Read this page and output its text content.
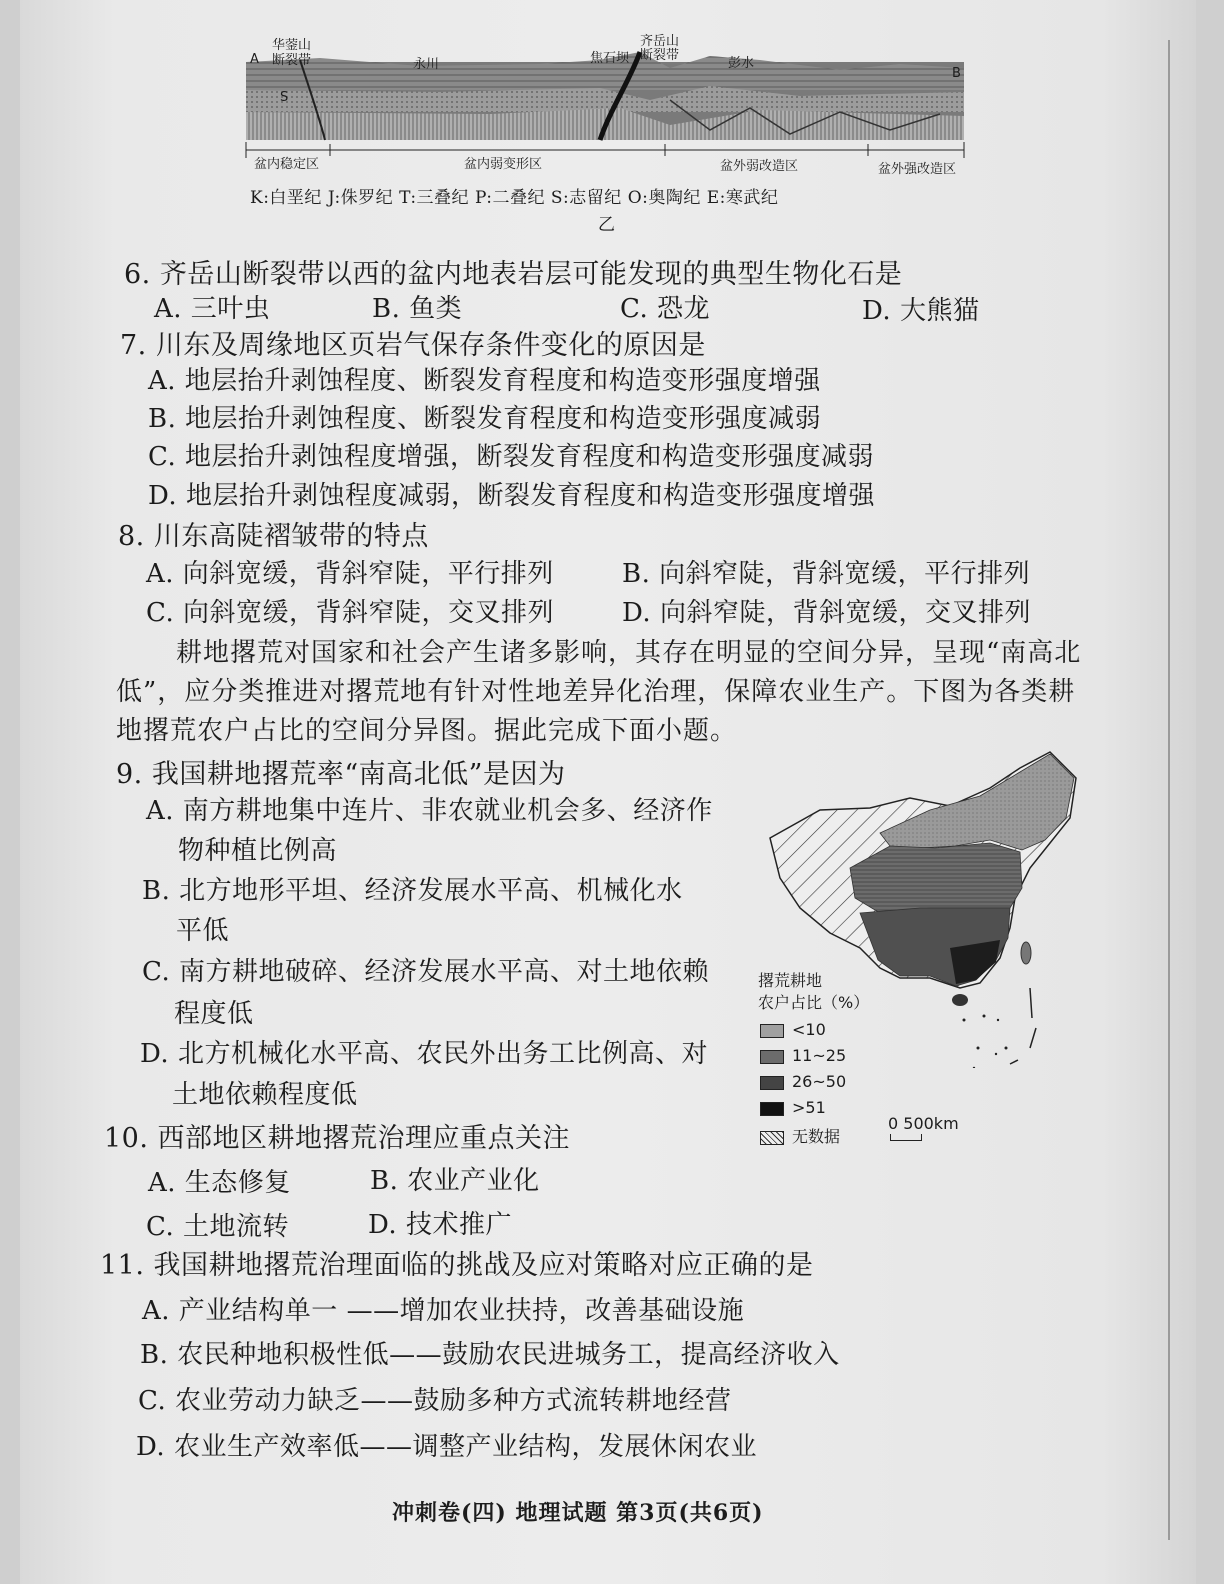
A
B
华蓥山
断裂带	永川	焦石坝
齐岳山
断裂带
彭水
S
盆内稳定区	盆内弱变形区	盆外弱改造区	盆外强改造区
K:白垩纪 J:侏罗纪 T:三叠纪 P:二叠纪 S:志留纪 O:奥陶纪 E:寒武纪
乙
6. 齐岳山断裂带以西的盆内地表岩层可能发现的典型生物化石是
A. 三叶虫	B. 鱼类	C. 恐龙	D. 大熊猫
7. 川东及周缘地区页岩气保存条件变化的原因是
A. 地层抬升剥蚀程度、断裂发育程度和构造变形强度增强
B. 地层抬升剥蚀程度、断裂发育程度和构造变形强度减弱
C. 地层抬升剥蚀程度增强，断裂发育程度和构造变形强度减弱
D. 地层抬升剥蚀程度减弱，断裂发育程度和构造变形强度增强
8. 川东高陡褶皱带的特点
A. 向斜宽缓，背斜窄陡，平行排列	B. 向斜窄陡，背斜宽缓，平行排列
C. 向斜宽缓，背斜窄陡，交叉排列	D. 向斜窄陡，背斜宽缓，交叉排列
耕地撂荒对国家和社会产生诸多影响，其存在明显的空间分异，呈现“南高北
低”，应分类推进对撂荒地有针对性地差异化治理，保障农业生产。下图为各类耕
地撂荒农户占比的空间分异图。据此完成下面小题。
9. 我国耕地撂荒率“南高北低”是因为
A. 南方耕地集中连片、非农就业机会多、经济作
物种植比例高
B. 北方地形平坦、经济发展水平高、机械化水
平低
C. 南方耕地破碎、经济发展水平高、对土地依赖
程度低
D. 北方机械化水平高、农民外出务工比例高、对
土地依赖程度低
撂荒耕地
农户占比（%）
<10
11~25
26~50
>51
无数据
0 500km
10. 西部地区耕地撂荒治理应重点关注
A. 生态修复	B. 农业产业化
C. 土地流转	D. 技术推广
11. 我国耕地撂荒治理面临的挑战及应对策略对应正确的是
A. 产业结构单一 ——增加农业扶持，改善基础设施
B. 农民种地积极性低——鼓励农民进城务工，提高经济收入
C. 农业劳动力缺乏——鼓励多种方式流转耕地经营
D. 农业生产效率低——调整产业结构，发展休闲农业
冲刺卷(四) 地理试题 第3页(共6页)
